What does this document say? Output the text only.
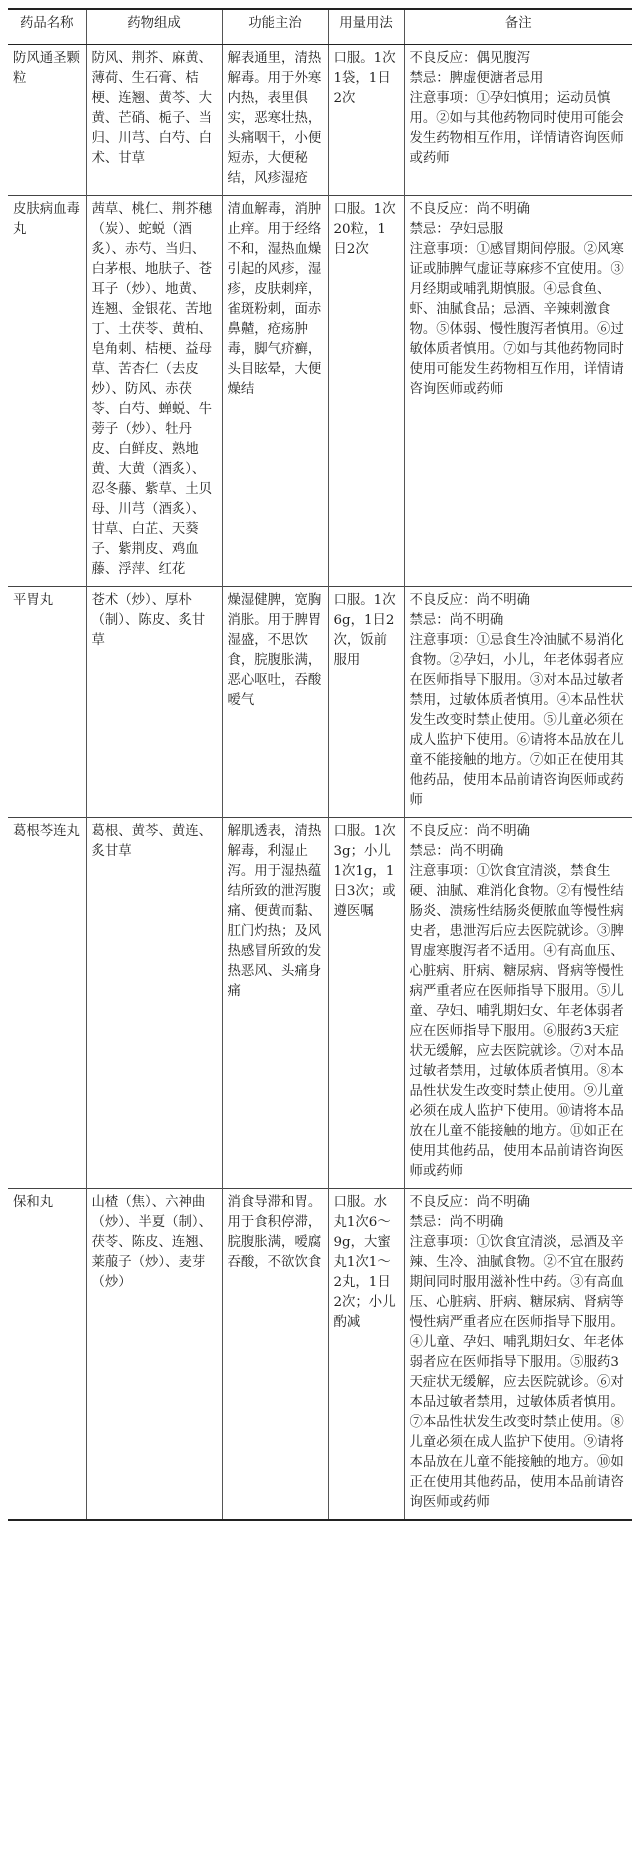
药品名称	药物组成	功能主治	用量用法	备注

防风通圣颗粒	防风、荆芥、麻黄、薄荷、生石膏、桔梗、连翘、黄芩、大黄、芒硝、栀子、当归、川芎、白芍、白术、甘草	解表通里，清热解毒。用于外寒内热，表里俱实，恶寒壮热，头痛咽干，小便短赤，大便秘结，风疹湿疮	口服。1次1袋，1日2次	不良反应：偶见腹泻
禁忌：脾虚便溏者忌用
注意事项：①孕妇慎用；运动员慎用。②如与其他药物同时使用可能会发生药物相互作用，详情请咨询医师或药师

皮肤病血毒丸	茜草、桃仁、荆芥穗（炭）、蛇蜕（酒炙）、赤芍、当归、白茅根、地肤子、苍耳子（炒）、地黄、连翘、金银花、苦地丁、土茯苓、黄柏、皂角刺、桔梗、益母草、苦杏仁（去皮炒）、防风、赤茯苓、白芍、蝉蜕、牛蒡子（炒）、牡丹皮、白鲜皮、熟地黄、大黄（酒炙）、忍冬藤、紫草、土贝母、川芎（酒炙）、甘草、白芷、天葵子、紫荆皮、鸡血藤、浮萍、红花	清血解毒，消肿止痒。用于经络不和，湿热血燥引起的风疹，湿疹，皮肤刺痒，雀斑粉刺，面赤鼻齄，疮疡肿毒，脚气疥癣，头目眩晕，大便燥结	口服。1次20粒，1日2次	不良反应：尚不明确
禁忌：孕妇忌服
注意事项：①感冒期间停服。②风寒证或肺脾气虚证荨麻疹不宜使用。③月经期或哺乳期慎服。④忌食鱼、虾、油腻食品；忌酒、辛辣刺激食物。⑤体弱、慢性腹泻者慎用。⑥过敏体质者慎用。⑦如与其他药物同时使用可能发生药物相互作用，详情请咨询医师或药师

平胃丸	苍术（炒）、厚朴（制）、陈皮、炙甘草	燥湿健脾，宽胸消胀。用于脾胃湿盛，不思饮食，脘腹胀满，恶心呕吐，吞酸嗳气	口服。1次6g，1日2次，饭前服用	不良反应：尚不明确
禁忌：尚不明确
注意事项：①忌食生冷油腻不易消化食物。②孕妇，小儿，年老体弱者应在医师指导下服用。③对本品过敏者禁用，过敏体质者慎用。④本品性状发生改变时禁止使用。⑤儿童必须在成人监护下使用。⑥请将本品放在儿童不能接触的地方。⑦如正在使用其他药品，使用本品前请咨询医师或药师

葛根芩连丸	葛根、黄芩、黄连、炙甘草	解肌透表，清热解毒，利湿止泻。用于湿热蕴结所致的泄泻腹痛、便黄而黏、肛门灼热；及风热感冒所致的发热恶风、头痛身痛	口服。1次3g；小儿1次1g，1日3次；或遵医嘱	不良反应：尚不明确
禁忌：尚不明确
注意事项：①饮食宜清淡，禁食生硬、油腻、难消化食物。②有慢性结肠炎、溃疡性结肠炎便脓血等慢性病史者，患泄泻后应去医院就诊。③脾胃虚寒腹泻者不适用。④有高血压、心脏病、肝病、糖尿病、肾病等慢性病严重者应在医师指导下服用。⑤儿童、孕妇、哺乳期妇女、年老体弱者应在医师指导下服用。⑥服药3天症状无缓解，应去医院就诊。⑦对本品过敏者禁用，过敏体质者慎用。⑧本品性状发生改变时禁止使用。⑨儿童必须在成人监护下使用。⑩请将本品放在儿童不能接触的地方。⑪如正在使用其他药品，使用本品前请咨询医师或药师

保和丸	山楂（焦）、六神曲（炒）、半夏（制）、茯苓、陈皮、连翘、莱菔子（炒）、麦芽（炒）	消食导滞和胃。用于食积停滞，脘腹胀满，嗳腐吞酸，不欲饮食	口服。水丸1次6～9g，大蜜丸1次1～2丸，1日2次；小儿酌减	不良反应：尚不明确
禁忌：尚不明确
注意事项：①饮食宜清淡，忌酒及辛辣、生冷、油腻食物。②不宜在服药期间同时服用滋补性中药。③有高血压、心脏病、肝病、糖尿病、肾病等慢性病严重者应在医师指导下服用。④儿童、孕妇、哺乳期妇女、年老体弱者应在医师指导下服用。⑤服药3天症状无缓解，应去医院就诊。⑥对本品过敏者禁用，过敏体质者慎用。⑦本品性状发生改变时禁止使用。⑧儿童必须在成人监护下使用。⑨请将本品放在儿童不能接触的地方。⑩如正在使用其他药品，使用本品前请咨询医师或药师
